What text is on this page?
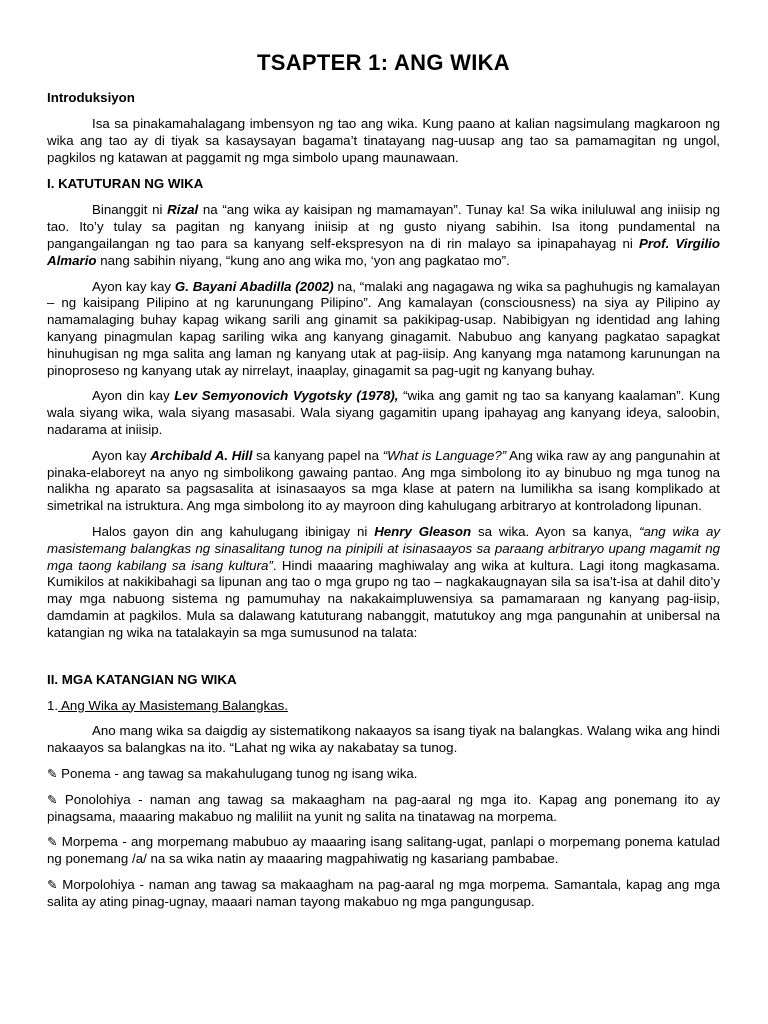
TSAPTER 1: ANG WIKA
Introduksiyon

Isa sa pinakamahalagang imbensyon ng tao ang wika. Kung paano at kalian nagsimulang magkaroon ng wika ang tao ay di tiyak sa kasaysayan bagama’t tinatayang nag-uusap ang tao sa pamamagitan ng ungol, pagkilos ng katawan at paggamit ng mga simbolo upang maunawaan.

I. KATUTURAN NG WIKA

Binanggit ni Rizal na “ang wika ay kaisipan ng mamamayan”. Tunay ka! Sa wika iniluluwal ang iniisip ng tao. Ito’y tulay sa pagitan ng kanyang iniisip at ng gusto niyang sabihin. Isa itong pundamental na pangangailangan ng tao para sa kanyang self-ekspresyon na di rin malayo sa ipinapahayag ni Prof. Virgilio Almario nang sabihin niyang, “kung ano ang wika mo, ‘yon ang pagkatao mo”.

Ayon kay kay G. Bayani Abadilla (2002) na, “malaki ang nagagawa ng wika sa paghuhugis ng kamalayan – ng kaisipang Pilipino at ng karunungang Pilipino”. Ang kamalayan (consciousness) na siya ay Pilipino ay namamalaging buhay kapag wikang sarili ang ginamit sa pakikipag-usap. Nabibigyan ng identidad ang lahing kanyang pinagmulan kapag sariling wika ang kanyang ginagamit. Nabubuo ang kanyang pagkatao sapagkat hinuhugisan ng mga salita ang laman ng kanyang utak at pag-iisip. Ang kanyang mga natamong karunungan na pinoproseso ng kanyang utak ay nirrelayt, inaaplay, ginagamit sa pag-ugit ng kanyang buhay.

Ayon din kay Lev Semyonovich Vygotsky (1978), “wika ang gamit ng tao sa kanyang kaalaman”. Kung wala siyang wika, wala siyang masasabi. Wala siyang gagamitin upang ipahayag ang kanyang ideya, saloobin, nadarama at iniisip.

Ayon kay Archibald A. Hill sa kanyang papel na “What is Language?” Ang wika raw ay ang pangunahin at pinaka-elaboreyt na anyo ng simbolikong gawaing pantao. Ang mga simbolong ito ay binubuo ng mga tunog na nalikha ng aparato sa pagsasalita at isinasaayos sa mga klase at patern na lumilikha sa isang komplikado at simetrikal na istruktura. Ang mga simbolong ito ay mayroon ding kahulugang arbitraryo at kontroladong lipunan.

Halos gayon din ang kahulugang ibinigay ni Henry Gleason sa wika. Ayon sa kanya, “ang wika ay masistemang balangkas ng sinasalitang tunog na pinipili at isinasaayos sa paraang arbitraryo upang magamit ng mga taong kabilang sa isang kultura”. Hindi maaaring maghiwalay ang wika at kultura. Lagi itong magkasama. Kumikilos at nakikibahagi sa lipunan ang tao o mga grupo ng tao – nagkakaugnayan sila sa isa’t-isa at dahil dito’y may mga nabuong sistema ng pamumuhay na nakakaimpluwensiya sa pamamaraan ng kanyang pag-iisip, damdamin at pagkilos. Mula sa dalawang katuturang nabanggit, matutukoy ang mga pangunahin at unibersal na katangian ng wika na tatalakayin sa mga sumusunod na talata:

II. MGA KATANGIAN NG WIKA

1. Ang Wika ay Masistemang Balangkas.

Ano mang wika sa daigdig ay sistematikong nakaayos sa isang tiyak na balangkas. Walang wika ang hindi nakaayos sa balangkas na ito. “Lahat ng wika ay nakabatay sa tunog.

✎ Ponema - ang tawag sa makahulugang tunog ng isang wika.

✎ Ponolohiya - naman ang tawag sa makaagham na pag-aaral ng mga ito. Kapag ang ponemang ito ay pinagsama, maaaring makabuo ng maliliit na yunit ng salita na tinatawag na morpema.

✎ Morpema - ang morpemang mabubuo ay maaaring isang salitang-ugat, panlapi o morpemang ponema katulad ng ponemang /a/ na sa wika natin ay maaaring magpahiwatig ng kasariang pambabae.

✎ Morpolohiya - naman ang tawag sa makaagham na pag-aaral ng mga morpema. Samantala, kapag ang mga salita ay ating pinag-ugnay, maaari naman tayong makabuo ng mga pangungusap.
